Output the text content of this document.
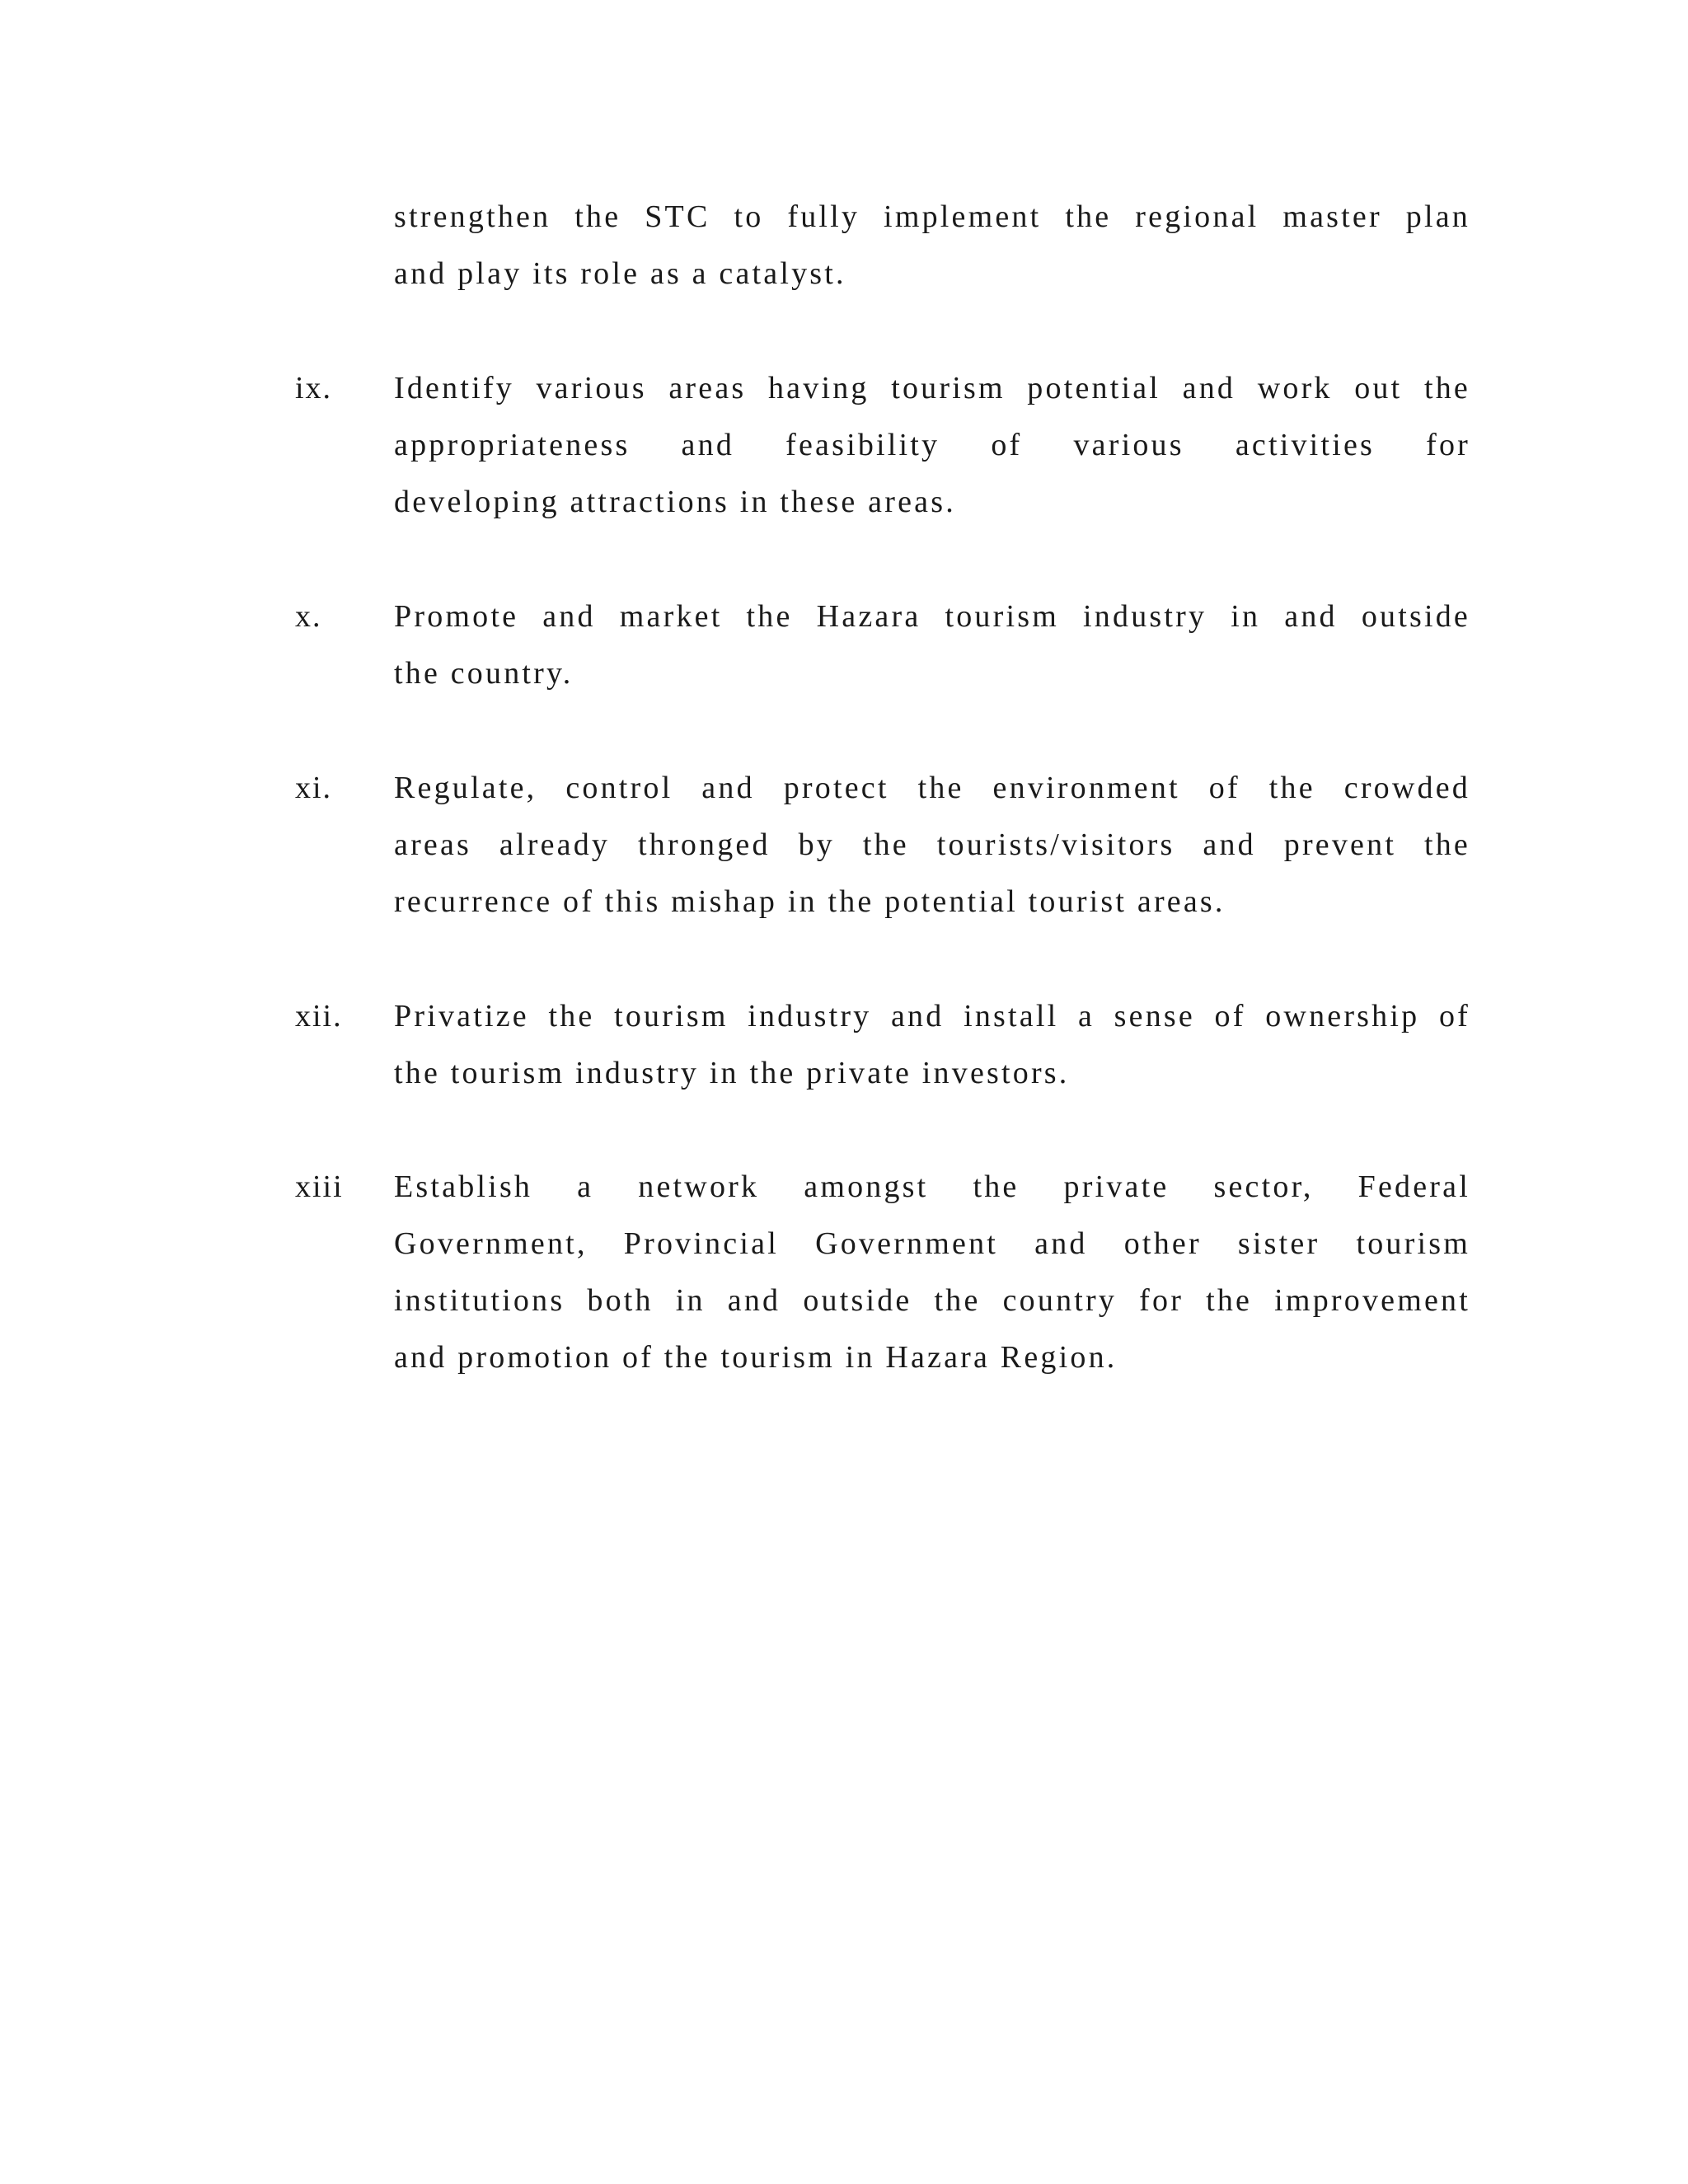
strengthen the STC to fully implement the regional master plan
and play its role as a catalyst.
ix. Identify various areas having tourism potential and work out the
appropriateness and feasibility of various activities for
developing attractions in these areas.
x. Promote and market the Hazara tourism industry in and outside
the country.
xi. Regulate, control and protect the environment of the crowded
areas already thronged by the tourists/visitors and prevent the
recurrence of this mishap in the potential tourist areas.
xii. Privatize the tourism industry and install a sense of ownership of
the tourism industry in the private investors.
xiii Establish a network amongst the private sector, Federal
Government, Provincial Government and other sister tourism
institutions both in and outside the country for the improvement
and promotion of the tourism in Hazara Region.
